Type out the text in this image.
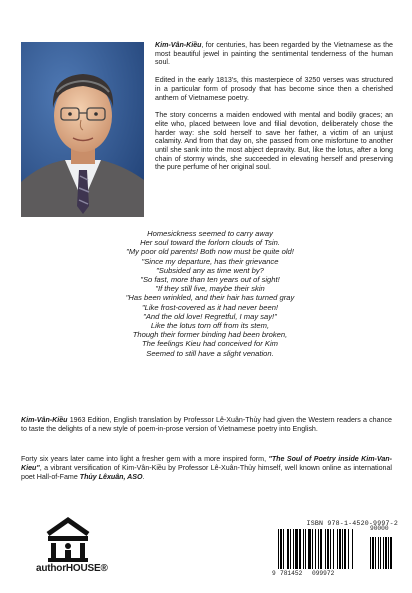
Kim-Vân-Kiều, for centuries, has been regarded by the Vietnamese as the most beautiful jewel in painting the sentimental tenderness of the human soul.

Edited in the early 1813's, this masterpiece of 3250 verses was structured in a particular form of prosody that has become since then a cherished anthem of Vietnamese poetry.

The story concerns a maiden endowed with mental and bodily graces; an elite who, placed between love and filial devotion, deliberately chose the harder way: she sold herself to save her father, a victim of an unjust calamity. And from that day on, she passed from one misfortune to another until she sank into the most abject depravity. But, like the lotus, after a long chain of stormy winds, she succeeded in elevating herself and preserving the pure perfume of her original soul.

Homesickness seemed to carry away
Her soul toward the forlorn clouds of Tsin.
"My poor old parents! Both now must be quite old!
"Since my departure, has their grievance
"Subsided any as time went by?
"So fast, more than ten years out of sight!
"If they still live, maybe their skin
"Has been wrinkled, and their hair has turned gray
"Like frost-covered as it had never been!
"And the old love! Regretful, I may say!"
Like the lotus torn off from its stem,
Though their former binding had been broken,
The feelings Kieu had conceived for Kim
Seemed to still have a slight venation.
Kim-Vân-Kiều 1963 Edition, English translation by Professor Lê-Xuân-Thủy had given the Western readers a chance to taste the delights of a new style of poem-in-prose version of Vietnamese poetry into English.
Forty six years later came into light a fresher gem with a more inspired form, "The Soul of Poetry inside Kim-Van-Kieu", a vibrant versification of Kim-Vân-Kiều by Professor Lê-Xuân-Thủy himself, well known online as international poet Hall-of-Fame Thủy Lêxuân, ASO.
authorHOUSE®
ISBN 978-1-4520-9997-2
9 781452 099972
90000
